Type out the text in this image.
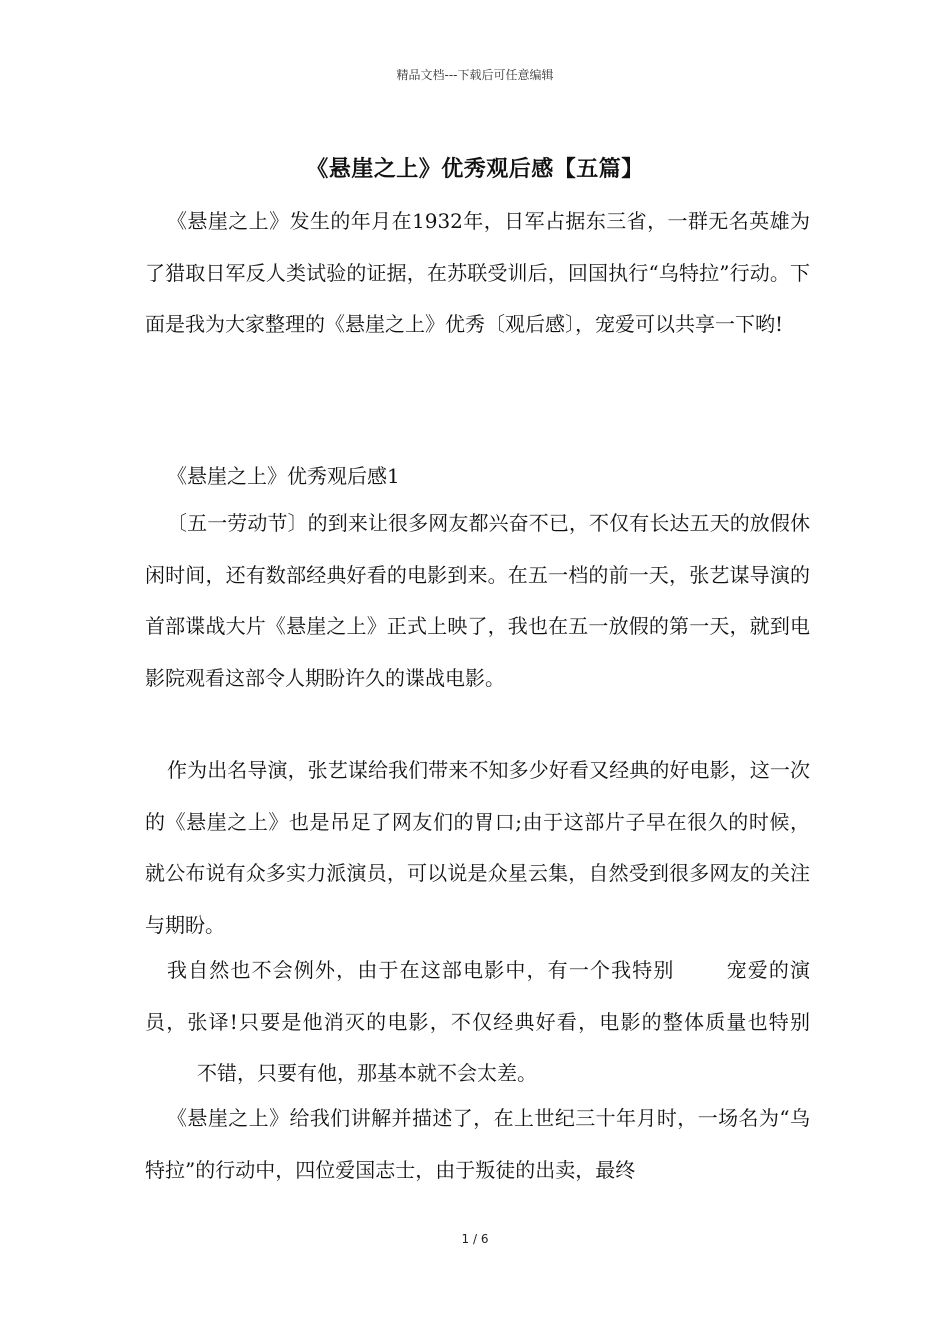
精品文档---下载后可任意编辑
《悬崖之上》优秀观后感【五篇】

《悬崖之上》发生的年月在1932年，日军占据东三省，一群无名英雄为了猎取日军反人类试验的证据，在苏联受训后，回国执行“乌特拉”行动。下面是我为大家整理的《悬崖之上》优秀〔观后感〕，宠爱可以共享一下哟!

《悬崖之上》优秀观后感1

〔五一劳动节〕的到来让很多网友都兴奋不已，不仅有长达五天的放假休闲时间，还有数部经典好看的电影到来。在五一档的前一天，张艺谋导演的首部谍战大片《悬崖之上》正式上映了，我也在五一放假的第一天，就到电影院观看这部令人期盼许久的谍战电影。

作为出名导演，张艺谋给我们带来不知多少好看又经典的好电影，这一次的《悬崖之上》也是吊足了网友们的胃口;由于这部片子早在很久的时候，就公布说有众多实力派演员，可以说是众星云集，自然受到很多网友的关注与期盼。

我自然也不会例外，由于在这部电影中，有一个我特别	宠爱的演员，张译!只要是他消灭的电影，不仅经典好看，电影的整体质量也特别不错，只要有他，那基本就不会太差。

《悬崖之上》给我们讲解并描述了，在上世纪三十年月时，一场名为“乌特拉”的行动中，四位爱国志士，由于叛徒的出卖，最终

1 / 6
